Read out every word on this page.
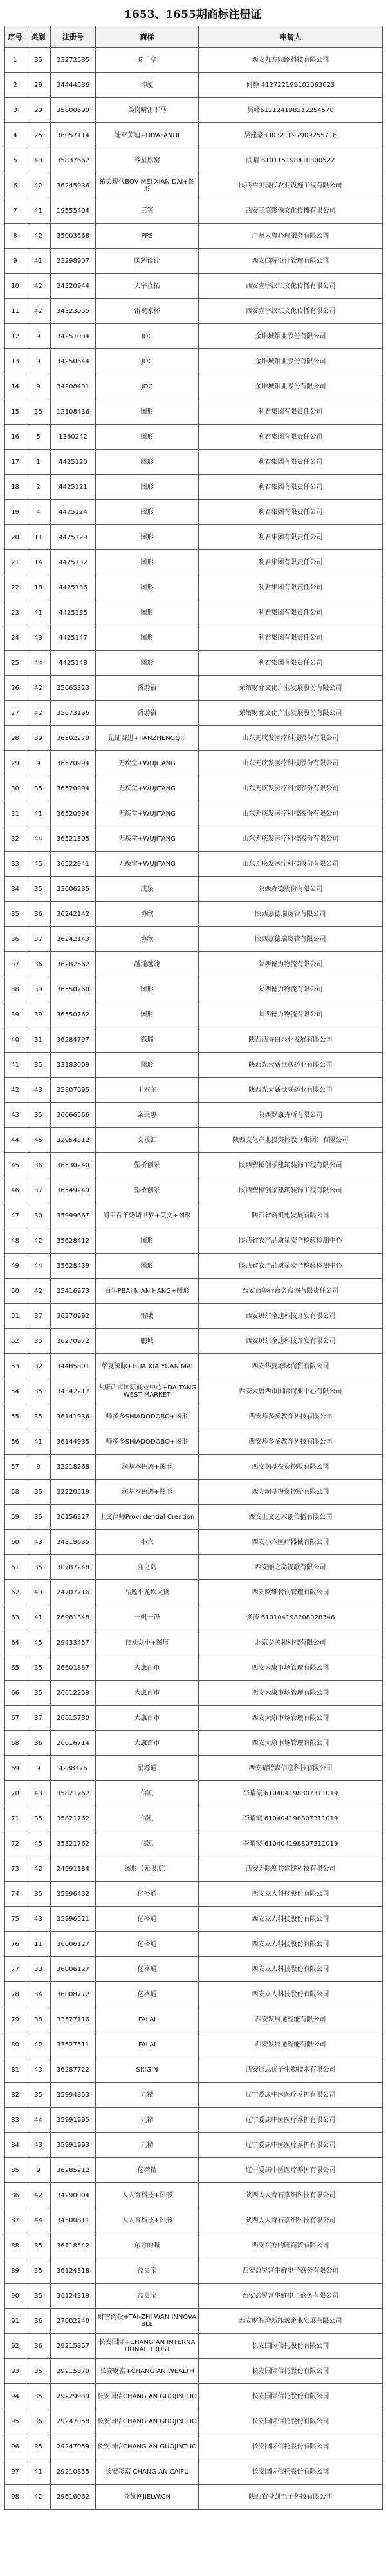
1653、1655期商标注册证
序号	类别	注册号	商标	申请人
1	35	33272585	味千亭	西安九方网络科技有限公司
2	29	34444586	坤厦	何静 412722199102063623
3	29	35800699	美岗晴雷下马	吴峰612124198212254570
4	25	36057114	迪亚芙迪+DIYAFANDI	吴建豪330321197909255718
5	43	35837662	客星厚窑	闫晴 610115198410300522
6	42	36245936	祐美现代BOV MEI XIAN DAI+图形	陕西祐美现代农业设施工程有限公司
7	41	19555404	三笠	西安三笠影像文化传播有限公司
8	42	35003668	PPS	广州大粤心理服务有限公司
9	41	33298907	国辉设计	西安国辉设计管理有限公司
10	42	34320944	天宇直拓	西安壹宇汉汇文化传播有限公司
11	42	34323055	雷视家杯	西安壹宇汉汇文化传播有限公司
12	9	34251034	JDC	金堆城钼业股份有限公司
13	9	34250644	JDC	金堆城钼业股份有限公司
14	9	34208431	JDC	金堆城钼业股份有限公司
15	35	12108436	图形	利君集团有限责任公司
16	5	1360242	图形	利君集团有限责任公司
17	1	4425120	图形	利君集团有限责任公司
18	2	4425121	图形	利君集团有限责任公司
19	4	4425124	图形	利君集团有限责任公司
20	11	4425129	图形	利君集团有限责任公司
21	14	4425132	图形	利君集团有限责任公司
22	18	4425136	图形	利君集团有限责任公司
23	41	4425135	图形	利君集团有限责任公司
24	43	4425147	图形	利君集团有限责任公司
25	44	4425148	图形	利君集团有限责任公司
26	42	35665323	爵游宿	荣缙财育文化产业发展股份有限公司
27	42	35673196	爵游宿	荣缙财育文化产业发展股份有限公司
28	39	36502279	见证奋进+JIANZHENGQIJI	山东无疾发医疗科技股份有限公司
29	9	36520994	无疾堂+WUJITANG	山东无疾发医疗科技股份有限公司
30	35	36520994	无疾堂+WUJITANG	山东无疾发医疗科技股份有限公司
31	41	36520994	无疾堂+WUJITANG	山东无疾发医疗科技股份有限公司
32	44	36521305	无疾堂+WUJITANG	山东无疾发医疗科技股份有限公司
33	45	36522941	无疾堂+WUJITANG	山东无疾发医疗科技股份有限公司
34	35	33606235	成泉	陕西森德股份有限公司
35	36	36242142	协欣	陕西嘉德瑞资管有限公司
36	37	36242143	协欣	陕西嘉德瑞资管有限公司
37	36	36282562	越通越能	陕西德力物流有限公司
38	39	36550760	图形	陕西德力物流有限公司
39	39	36550762	图形	陕西德力物流有限公司
40	31	36284797	森瑞	陕西西寻白果业发展有限公司
41	35	33183009	图形	陕西光大新世联药业有限公司
42	43	35807095	王木东	陕西光大新世联药业有限公司
43	35	36066566	亲民惠	陕西罗康卉所有限公司
44	45	32954312	文枝汇	陕西文化产业投资控股（集团）有限公司
45	36	36530240	塑桥创景	陕西塑桥创景建筑装饰工程有限公司
46	37	36549249	塑桥创景	陕西塑桥创景建筑装饰工程有限公司
47	30	35999667	周韦百年奶调世界+英文+图形	陕西省商机电发展有限公司
48	42	35628412	图形	陕西省农产品质量安全检验检测中心
49	44	35628439	图形	陕西省农产品质量安全检验检测中心
50	42	35416973	百年PBAI NIAN HANG+图形	西安百年行商务咨询有限责任公司
51	37	36270992	雷哦	西安贝尔金迪科技开发有限公司
52	35	36270972	鹏城	西安贝尔金迪科技开发有限公司
53	32	34485801	华夏源脉+HUA XIA YUAN MAI	西安华夏源脉商贸有限公司
54	35	34342217	大唐西市国际商业中心+DA TANG WEST MARKET	西安大唐西市国际商业中心有限公司
55	35	36141936	师多多SHIADODOBO+图形	西安师多多教育科技有限公司
56	41	36144935	师多多SHIADODOBO+图形	西安师多多教育科技有限公司
57	9	32218268	润基本色调+图形	西安润基投资控股有限公司
58	35	32220519	润基本色调+图形	西安润基投资控股有限公司
59	35	36156327	上文律师Provi dential Creation	西安上文艺术创传播有限公司
60	43	34319635	小六	西安小六医疗器械有限公司
61	35	30787248	丽之岛	西安丽之岛视歌有限公司
62	43	24707716	品逸小龙坎火锅	西安欧维餐饮管理有限公司
63	41	26981348	一帆一锋	张涛 610104198208028346
64	45	29433457	自众众小+图形	北京乡关和科技有限公司
65	35	26601887	大康百市	西安大康市场管理有限公司
66	35	26612259	大康百市	西安大康市场管理有限公司
67	37	26615730	大康百市	西安大康市场管理有限公司
68	36	26616714	大康百市	西安大康市场管理有限公司
69	9	4288176	星源通	西安晴特森信息科技有限公司
70	43	35821762	信凯	李晴霞 610404198807311019
71	35	35821762	信凯	李晴霞 610404198807311019
72	45	35821762	信凯	李晴霞 610404198807311019
73	42	24991184	图形（无限度）	西安无限度共建健科技有限公司
74	35	35996432	亿格通	西安立人科技股份有限公司
75	43	35996521	亿格通	西安立人科技股份有限公司
76	11	36006127	亿格通	西安立人科技股份有限公司
77	33	36006127	亿格通	西安立人科技股份有限公司
78	34	36008772	亿格通	西安立人科技股份有限公司
79	38	33527116	FALAI	西安发展通智能有限公司
80	42	33527511	FALAI	西安发展通智能有限公司
81	43	36287722	SKIGIN	西安迪思优子生物技术有限公司
82	35	35994853	九精	辽宁爱康中医医疗养护有限公司
83	44	35991995	九精	辽宁爱康中医医疗养护有限公司
84	43	35991993	九精	辽宁爱康中医医疗养护有限公司
85	9	36285212	亿精精	辽宁爱康中医医疗养护有限公司
86	42	34290004	人人育科技+图形	陕西人人育石嘉细科技有限公司
87	44	34300811	人人育科技+图形	陕西人人育石嘉细科技有限公司
88	35	36118542	东方的瞳	西安东方的瞳商贸有限公司
89	35	36124318	益昊宝	西安益昊富生鲜电子商务有限公司
90	35	36124319	益昊宝	西安益昊富生鲜电子商务有限公司
91	36	27002240	财智湾投+TAI-ZHI WAN INNOVABLE	西安财智湾新能源企业发展有限公司
92	36	29215857	长安国际+CHANG AN INTERNATIONAL TRUST	长安国际信托股份有限公司
93	35	29215879	长安财富+CHANG AN WEALTH	长安国际信托股份有限公司
94	35	29229939	长安国信CHANG AN GUOJINTUO	长安国际信托股份有限公司
95	36	29247058	长安国信CHANG AN GUOJINTUO	长安国际信托股份有限公司
96	35	29247059	长安国信CHANG AN GUOJINTUO	长安国际信托股份有限公司
97	41	29210855	长安彩富 CHANG AN CAIFU	长安国际信托股份有限公司
98	42	29616062	苍凯网JIELW.CN	陕西省苍凯电子科技有限公司
